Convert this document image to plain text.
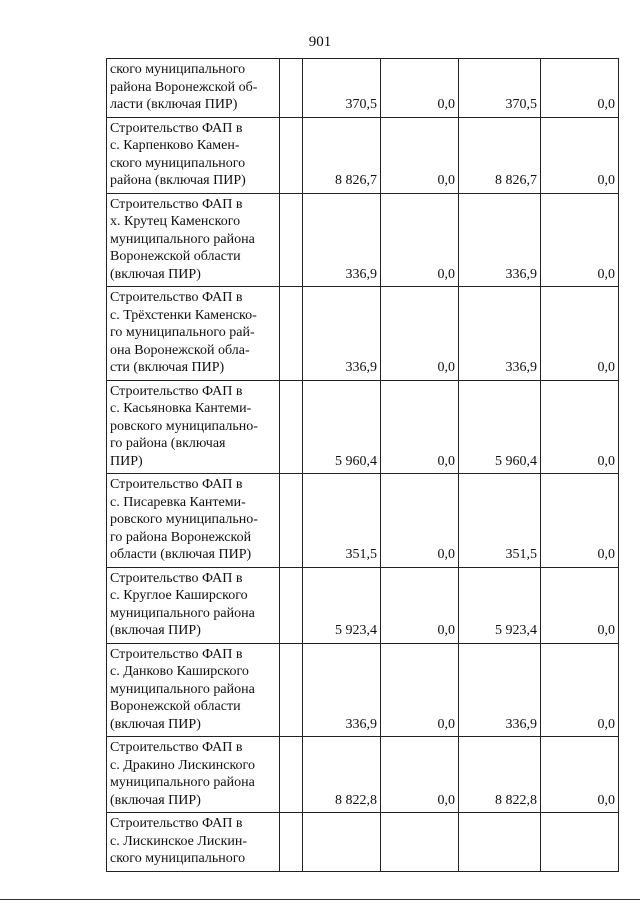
901
ского муниципального
района Воронежской об-
ласти (включая ПИР)		370,5	0,0	370,5	0,0

Строительство ФАП в
с. Карпенково Камен-
ского муниципального
района (включая ПИР)		8 826,7	0,0	8 826,7	0,0

Строительство ФАП в
х. Крутец Каменского
муниципального района
Воронежской области
(включая ПИР)		336,9	0,0	336,9	0,0

Строительство ФАП в
с. Трёхстенки Каменско-
го муниципального рай-
она Воронежской обла-
сти (включая ПИР)		336,9	0,0	336,9	0,0

Строительство ФАП в
с. Касьяновка Кантеми-
ровского муниципально-
го района (включая
ПИР)		5 960,4	0,0	5 960,4	0,0

Строительство ФАП в
с. Писаревка Кантеми-
ровского муниципально-
го района Воронежской
области (включая ПИР)		351,5	0,0	351,5	0,0

Строительство ФАП в
с. Круглое Каширского
муниципального района
(включая ПИР)		5 923,4	0,0	5 923,4	0,0

Строительство ФАП в
с. Данково Каширского
муниципального района
Воронежской области
(включая ПИР)		336,9	0,0	336,9	0,0

Строительство ФАП в
с. Дракино Лискинского
муниципального района
(включая ПИР)		8 822,8	0,0	8 822,8	0,0

Строительство ФАП в
с. Лискинское Лискин-
ского муниципального					
